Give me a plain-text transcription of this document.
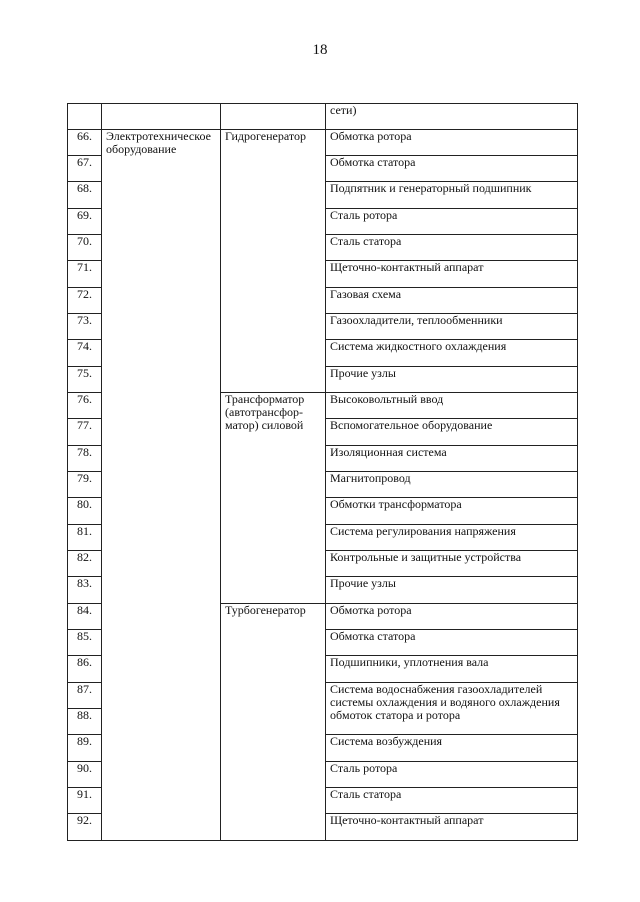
18
			сети)
66.	Электротехническое оборудование	Гидрогенератор	Обмотка ротора
67.			Обмотка статора
68.			Подпятник и генераторный подшипник
69.			Сталь ротора
70.			Сталь статора
71.			Щеточно-контактный аппарат
72.			Газовая схема
73.			Газоохладители, теплообменники
74.			Система жидкостного охлаждения
75.			Прочие узлы
76.		Трансформатор (автотрансфор-матор) силовой	Высоковольтный ввод
77.			Вспомогательное оборудование
78.			Изоляционная система
79.			Магнитопровод
80.			Обмотки трансформатора
81.			Система регулирования напряжения
82.			Контрольные и защитные устройства
83.			Прочие узлы
84.		Турбогенератор	Обмотка ротора
85.			Обмотка статора
86.			Подшипники, уплотнения вала
87.			Система водоснабжения газоохладителей системы охлаждения и водяного охлаждения обмоток статора и ротора
88.			
89.			Система возбуждения
90.			Сталь ротора
91.			Сталь статора
92.			Щеточно-контактный аппарат
